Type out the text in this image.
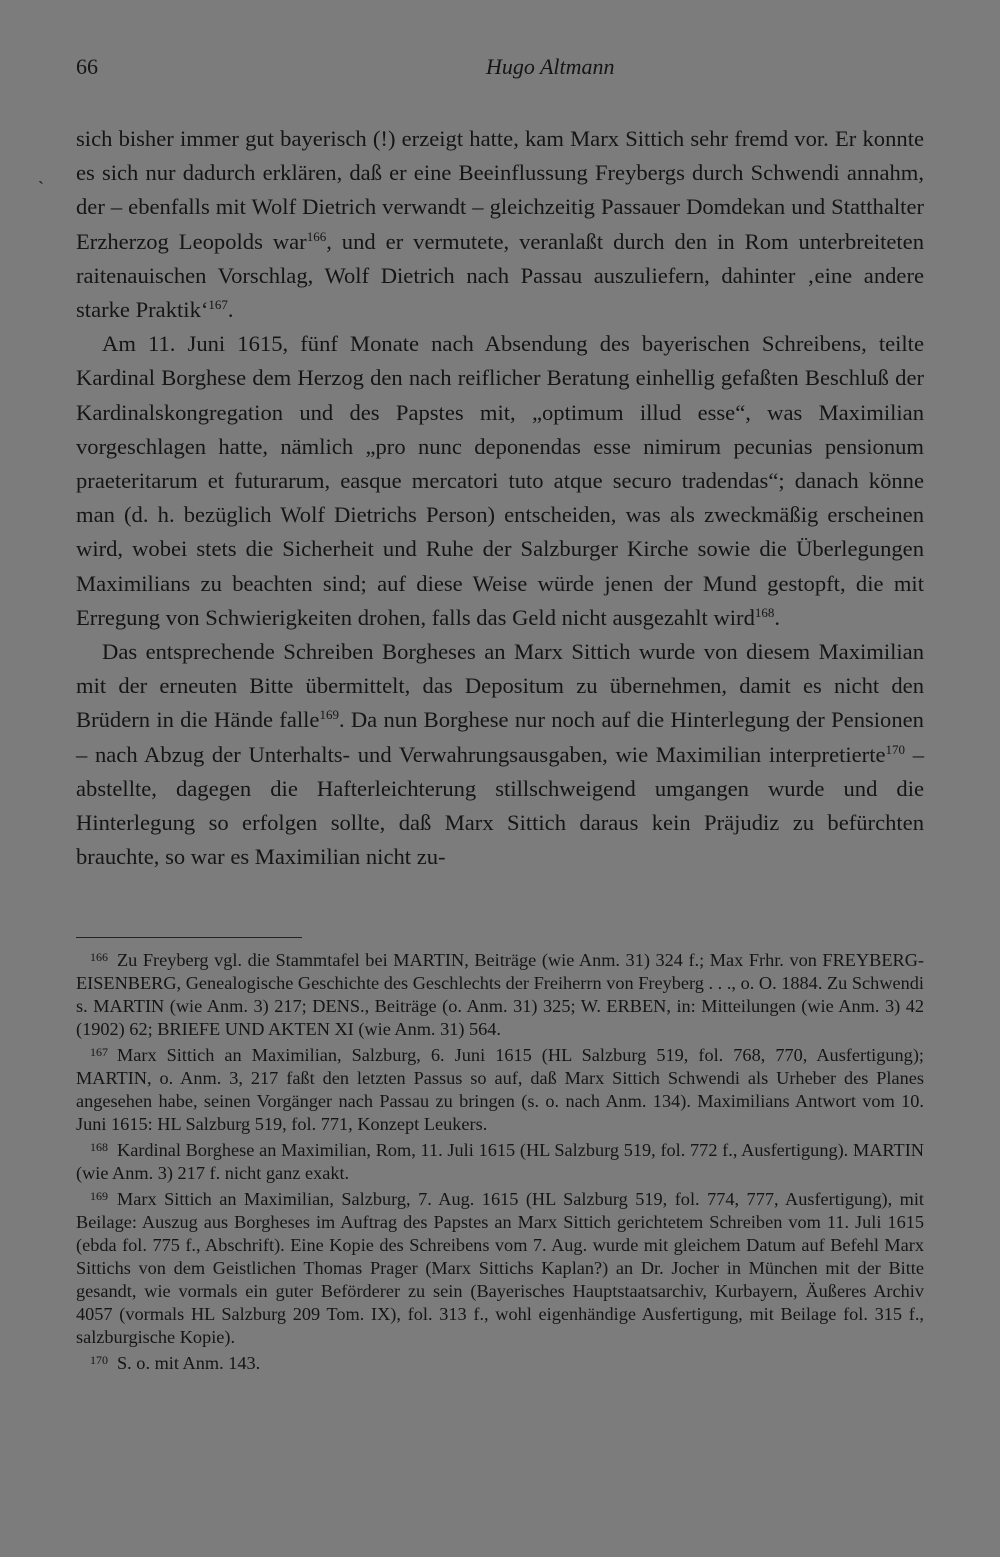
66	Hugo Altmann
ˎ

sich bisher immer gut bayerisch (!) erzeigt hatte, kam Marx Sittich sehr fremd vor. Er konnte es sich nur dadurch erklären, daß er eine Beeinflussung Freybergs durch Schwendi annahm, der – ebenfalls mit Wolf Dietrich verwandt – gleichzeitig Passauer Domdekan und Statthalter Erzherzog Leopolds war$^{166}$, und er vermutete, veranlaßt durch den in Rom unterbreiteten raitenauischen Vorschlag, Wolf Dietrich nach Passau auszuliefern, dahinter ‚eine andere starke Praktik‘$^{167}$.

Am 11. Juni 1615, fünf Monate nach Absendung des bayerischen Schreibens, teilte Kardinal Borghese dem Herzog den nach reiflicher Beratung einhellig gefaßten Beschluß der Kardinalskongregation und des Papstes mit, „optimum illud esse“, was Maximilian vorgeschlagen hatte, nämlich „pro nunc deponendas esse nimirum pecunias pensionum praeteritarum et futurarum, easque mercatori tuto atque securo tradendas“; danach könne man (d. h. bezüglich Wolf Dietrichs Person) entscheiden, was als zweckmäßig erscheinen wird, wobei stets die Sicherheit und Ruhe der Salzburger Kirche sowie die Überlegungen Maximilians zu beachten sind; auf diese Weise würde jenen der Mund gestopft, die mit Erregung von Schwierigkeiten drohen, falls das Geld nicht ausgezahlt wird$^{168}$.

Das entsprechende Schreiben Borgheses an Marx Sittich wurde von diesem Maximilian mit der erneuten Bitte übermittelt, das Depositum zu übernehmen, damit es nicht den Brüdern in die Hände falle$^{169}$. Da nun Borghese nur noch auf die Hinterlegung der Pensionen – nach Abzug der Unterhalts- und Verwahrungsausgaben, wie Maximilian interpretierte$^{170}$ – abstellte, dagegen die Hafterleichterung stillschweigend umgangen wurde und die Hinterlegung so erfolgen sollte, daß Marx Sittich daraus kein Präjudiz zu befürchten brauchte, so war es Maximilian nicht zu-

$^{166}$ Zu Freyberg vgl. die Stammtafel bei MARTIN, Beiträge (wie Anm. 31) 324 f.; Max Frhr. von FREYBERG-EISENBERG, Genealogische Geschichte des Geschlechts der Freiherrn von Freyberg . . ., o. O. 1884. Zu Schwendi s. MARTIN (wie Anm. 3) 217; DENS., Beiträge (o. Anm. 31) 325; W. ERBEN, in: Mitteilungen (wie Anm. 3) 42 (1902) 62; BRIEFE UND AKTEN XI (wie Anm. 31) 564.

$^{167}$ Marx Sittich an Maximilian, Salzburg, 6. Juni 1615 (HL Salzburg 519, fol. 768, 770, Ausfertigung); MARTIN, o. Anm. 3, 217 faßt den letzten Passus so auf, daß Marx Sittich Schwendi als Urheber des Planes angesehen habe, seinen Vorgänger nach Passau zu bringen (s. o. nach Anm. 134). Maximilians Antwort vom 10. Juni 1615: HL Salzburg 519, fol. 771, Konzept Leukers.

$^{168}$ Kardinal Borghese an Maximilian, Rom, 11. Juli 1615 (HL Salzburg 519, fol. 772 f., Ausfertigung). MARTIN (wie Anm. 3) 217 f. nicht ganz exakt.

$^{169}$ Marx Sittich an Maximilian, Salzburg, 7. Aug. 1615 (HL Salzburg 519, fol. 774, 777, Ausfertigung), mit Beilage: Auszug aus Borgheses im Auftrag des Papstes an Marx Sittich gerichtetem Schreiben vom 11. Juli 1615 (ebda fol. 775 f., Abschrift). Eine Kopie des Schreibens vom 7. Aug. wurde mit gleichem Datum auf Befehl Marx Sittichs von dem Geistlichen Thomas Prager (Marx Sittichs Kaplan?) an Dr. Jocher in München mit der Bitte gesandt, wie vormals ein guter Beförderer zu sein (Bayerisches Hauptstaatsarchiv, Kurbayern, Äußeres Archiv 4057 (vormals HL Salzburg 209 Tom. IX), fol. 313 f., wohl eigenhändige Ausfertigung, mit Beilage fol. 315 f., salzburgische Kopie).

$^{170}$ S. o. mit Anm. 143.
